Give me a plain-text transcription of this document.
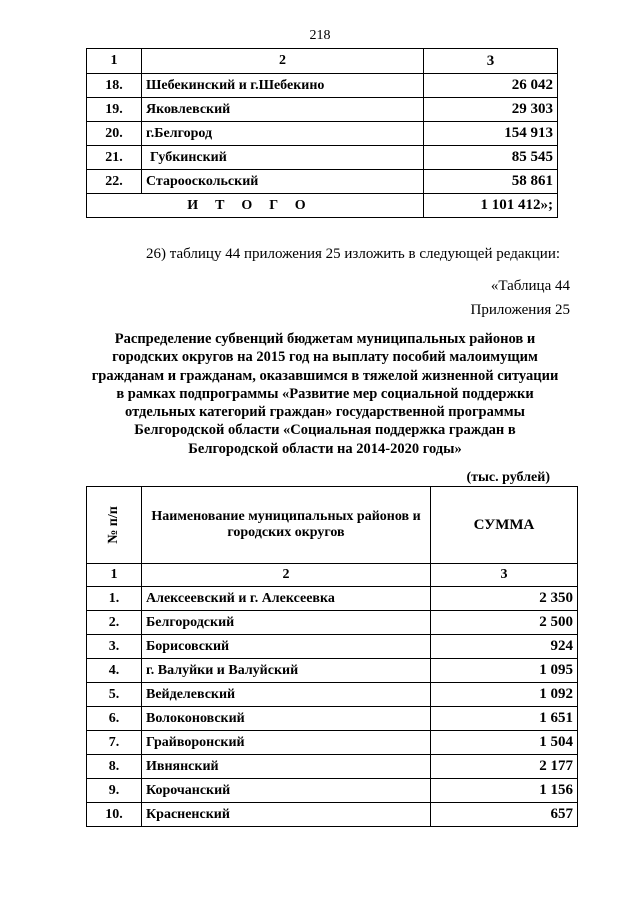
218
1	2	3
18.	Шебекинский и г.Шебекино	26 042
19.	Яковлевский	29 303
20.	г.Белгород	154 913
21.	Губкинский	85 545
22.	Старооскольский	58 861
ИТОГО		1 101 412»;
26) таблицу 44 приложения 25 изложить в следующей редакции:
«Таблица 44
Приложения 25
Распределение субвенций бюджетам муниципальных районов и городских округов на 2015 год на выплату пособий малоимущим гражданам и гражданам, оказавшимся в тяжелой жизненной ситуации в рамках подпрограммы «Развитие мер социальной поддержки отдельных категорий граждан» государственной программы Белгородской области «Социальная поддержка граждан в Белгородской области на 2014-2020 годы»
(тыс. рублей)
№ п/п	Наименование муниципальных районов и городских округов	СУММА
1	2	3
1.	Алексеевский и г. Алексеевка	2 350
2.	Белгородский	2 500
3.	Борисовский	924
4.	г. Валуйки и Валуйский	1 095
5.	Вейделевский	1 092
6.	Волоконовский	1 651
7.	Грайворонский	1 504
8.	Ивнянский	2 177
9.	Корочанский	1 156
10.	Красненский	657
